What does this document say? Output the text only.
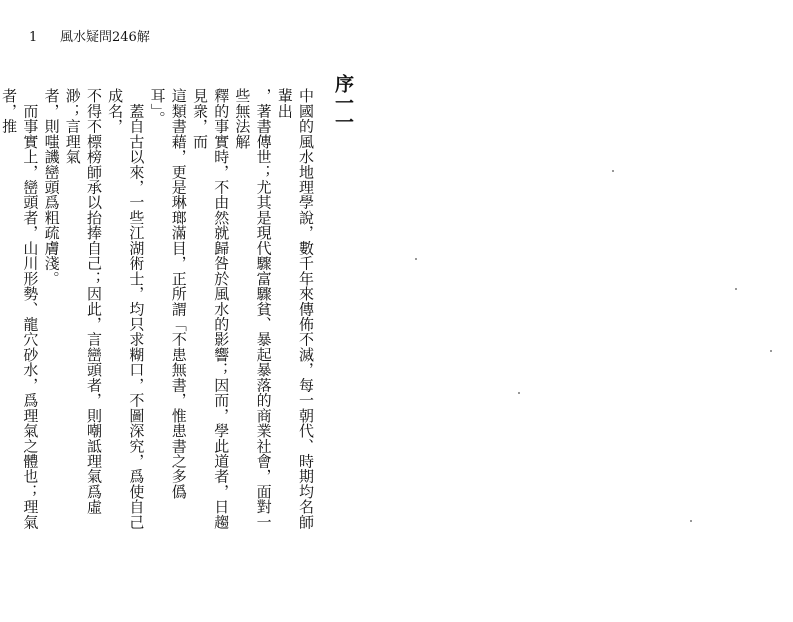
1 風水疑問246解
序一一

中國的風水地理學說，數千年來傳佈不滅，每一朝代、時期均名師輩出

，著書傳世；尤其是現代驟富驟貧、暴起暴落的商業社會，面對一些無法解

釋的事實時，不由然就歸咎於風水的影響；因而，學此道者，日趨見衆，而

這類書藉，更是琳瑯滿目，正所謂「不患無書，惟患書之多僞耳」。

　蓋自古以來，一些江湖術士，均只求糊口，不圖深究，爲使自己成名，

不得不標榜師承以抬捧自己；因此，言巒頭者，則嘲詆理氣爲虛渺；言理氣

者，則嗤譏巒頭爲粗疏膚淺。

　而事實上，巒頭者，山川形勢、龍穴砂水，爲理氣之體也；理氣者，推
